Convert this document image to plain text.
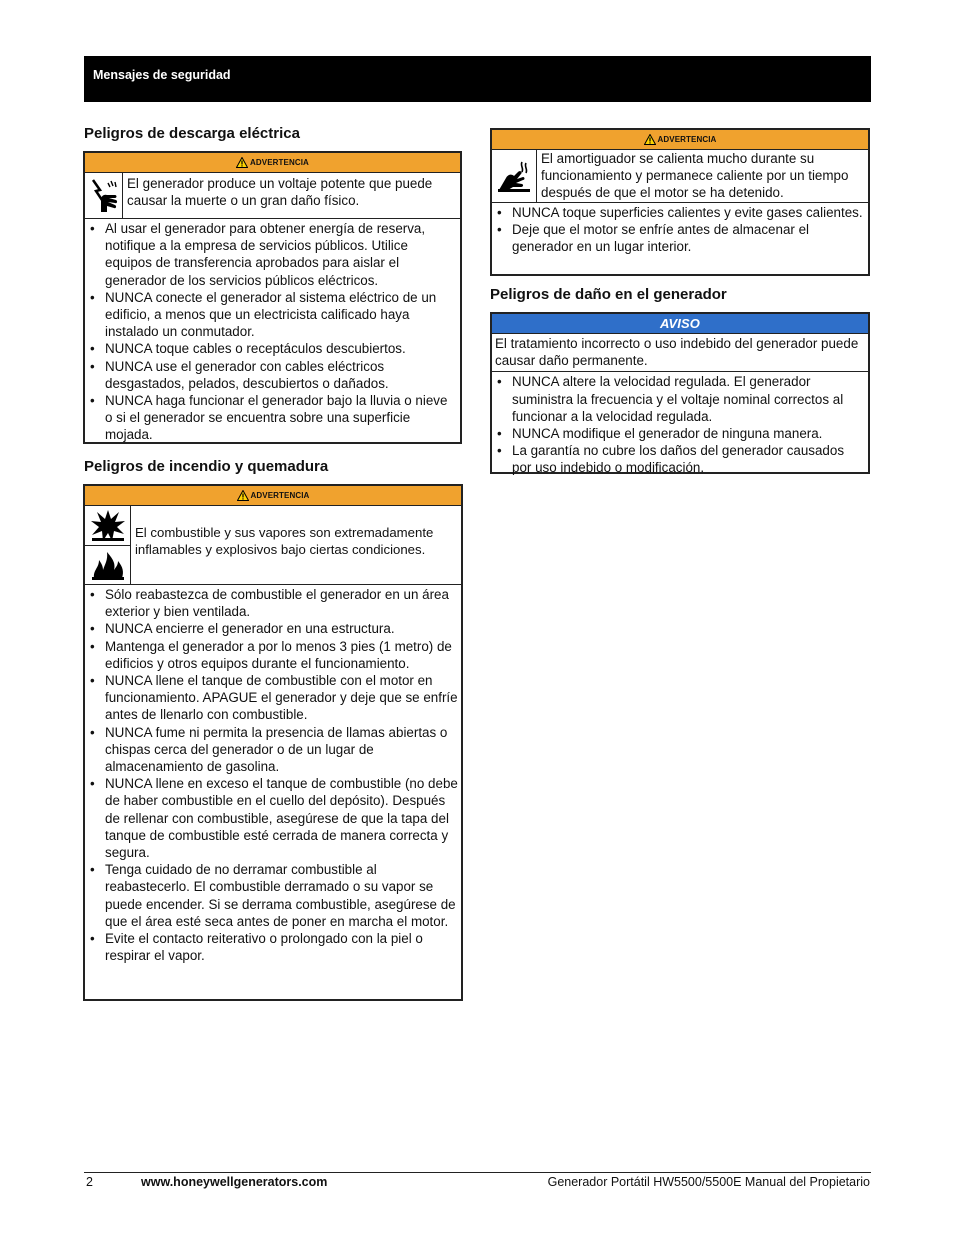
Mensajes de seguridad
Peligros de descarga eléctrica
ADVERTENCIA
El generador produce un voltaje potente que puede causar la muerte o un gran daño físico.
• Al usar el generador para obtener energía de reserva, notifique a la empresa de servicios públicos. Utilice equipos de transferencia aprobados para aislar el generador de los servicios públicos eléctricos.
• NUNCA conecte el generador al sistema eléctrico de un edificio, a menos que un electricista calificado haya instalado un conmutador.
• NUNCA toque cables o receptáculos descubiertos.
• NUNCA use el generador con cables eléctricos desgastados, pelados, descubiertos o dañados.
• NUNCA haga funcionar el generador bajo la lluvia o nieve o si el generador se encuentra sobre una superficie mojada.
Peligros de incendio y quemadura
ADVERTENCIA
El combustible y sus vapores son extremadamente inflamables y explosivos bajo ciertas condiciones.
• Sólo reabastezca de combustible el generador en un área exterior y bien ventilada.
• NUNCA encierre el generador en una estructura.
• Mantenga el generador a por lo menos 3 pies (1 metro) de edificios y otros equipos durante el funcionamiento.
• NUNCA llene el tanque de combustible con el motor en funcionamiento. APAGUE el generador y deje que se enfríe antes de llenarlo con combustible.
• NUNCA fume ni permita la presencia de llamas abiertas o chispas cerca del generador o de un lugar de almacenamiento de gasolina.
• NUNCA llene en exceso el tanque de combustible (no debe de haber combustible en el cuello del depósito). Después de rellenar con combustible, asegúrese de que la tapa del tanque de combustible esté cerrada de manera correcta y segura.
• Tenga cuidado de no derramar combustible al reabastecerlo. El combustible derramado o su vapor se puede encender. Si se derrama combustible, asegúrese de que el área esté seca antes de poner en marcha el motor.
• Evite el contacto reiterativo o prolongado con la piel o respirar el vapor.
ADVERTENCIA
El amortiguador se calienta mucho durante su funcionamiento y permanece caliente por un tiempo después de que el motor se ha detenido.
• NUNCA toque superficies calientes y evite gases calientes.
• Deje que el motor se enfríe antes de almacenar el generador en un lugar interior.
Peligros de daño en el generador
AVISO
El tratamiento incorrecto o uso indebido del generador puede causar daño permanente.
• NUNCA altere la velocidad regulada. El generador suministra la frecuencia y el voltaje nominal correctos al funcionar a la velocidad regulada.
• NUNCA modifique el generador de ninguna manera.
• La garantía no cubre los daños del generador causados por uso indebido o modificación.
2	www.honeywellgenerators.com	Generador Portátil HW5500/5500E Manual del Propietario
